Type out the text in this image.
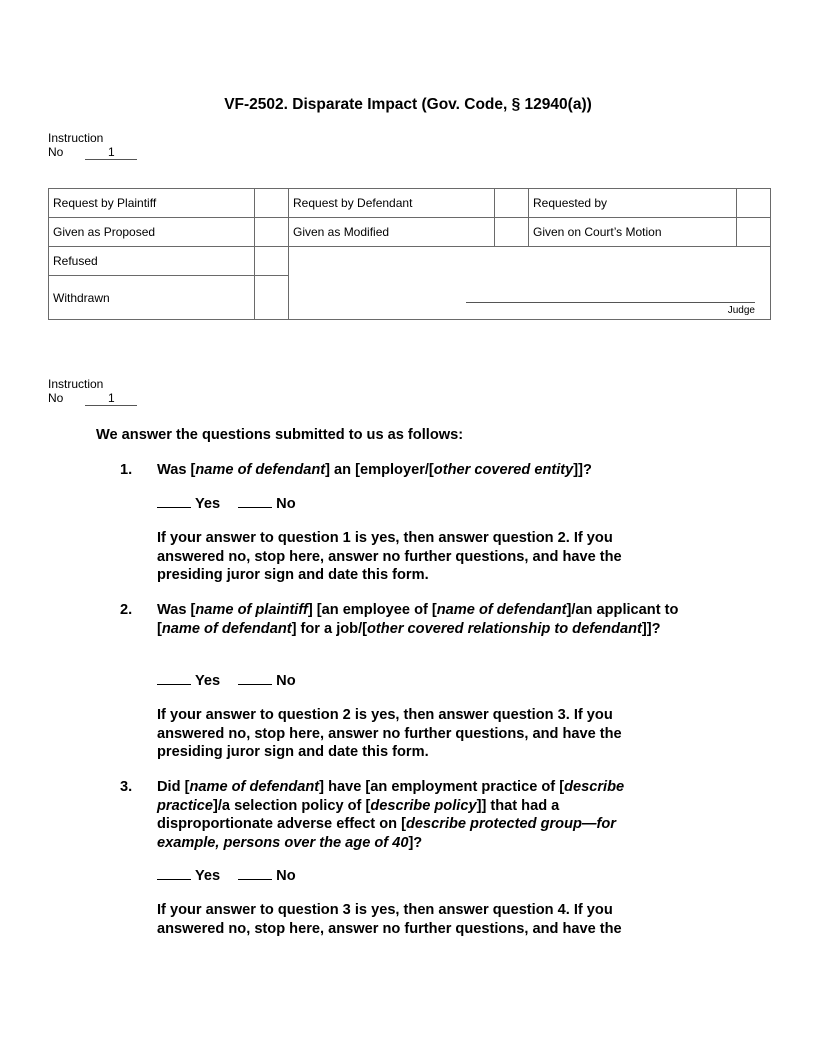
VF-2502. Disparate Impact (Gov. Code, § 12940(a))
Instruction
No	1
Request by Plaintiff		Request by Defendant		Requested by	
Given as Proposed		Given as Modified		Given on Court’s Motion	
Refused		Judge			

Withdrawn					
Instruction
No	1
We answer the questions submitted to us as follows:
1. Was [name of defendant] an [employer/[other covered entity]]?
Yes	No
If your answer to question 1 is yes, then answer question 2. If you answered no, stop here, answer no further questions, and have the presiding juror sign and date this form.
2. Was [name of plaintiff] [an employee of [name of defendant]/an applicant to [name of defendant] for a job/[other covered relationship to defendant]]?
Yes	No
If your answer to question 2 is yes, then answer question 3. If you answered no, stop here, answer no further questions, and have the presiding juror sign and date this form.
3. Did [name of defendant] have [an employment practice of [describe practice]/a selection policy of [describe policy]] that had a disproportionate adverse effect on [describe protected group—for example, persons over the age of 40]?
Yes	No
If your answer to question 3 is yes, then answer question 4. If you answered no, stop here, answer no further questions, and have the
